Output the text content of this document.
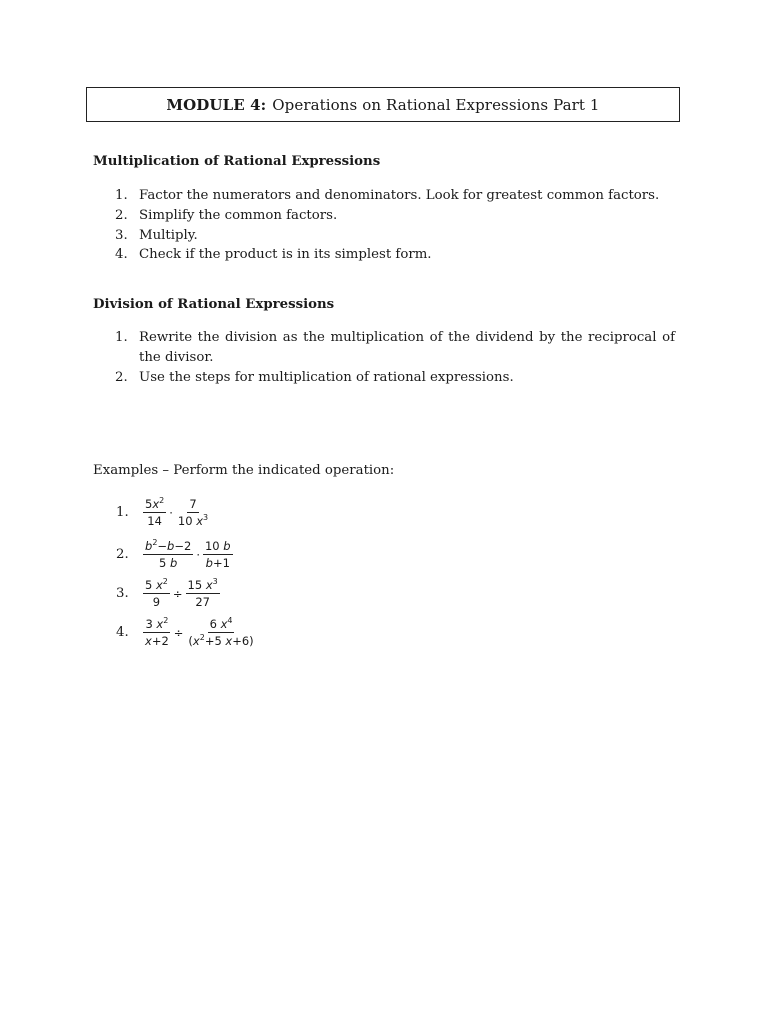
MODULE 4: Operations on Rational Expressions Part 1
Multiplication of Rational Expressions
1. Factor the numerators and denominators. Look for greatest common factors.
2. Simplify the common factors.
3. Multiply.
4. Check if the product is in its simplest form.
Division of Rational Expressions
1. Rewrite the division as the multiplication of the dividend by the reciprocal of the divisor.
2. Use the steps for multiplication of rational expressions.
Examples – Perform the indicated operation:
1.	$\frac{5x^2}{14} \cdot \frac{7}{10 x^3}$
2.	$\frac{b^2-b-2}{5 b} \cdot \frac{10 b}{b+1}$
3.	$\frac{5 x^2}{9} \div \frac{15 x^3}{27}$
4.	$\frac{3 x^2}{x+2} \div \frac{6 x^4}{(x^2+5 x+6)}$
